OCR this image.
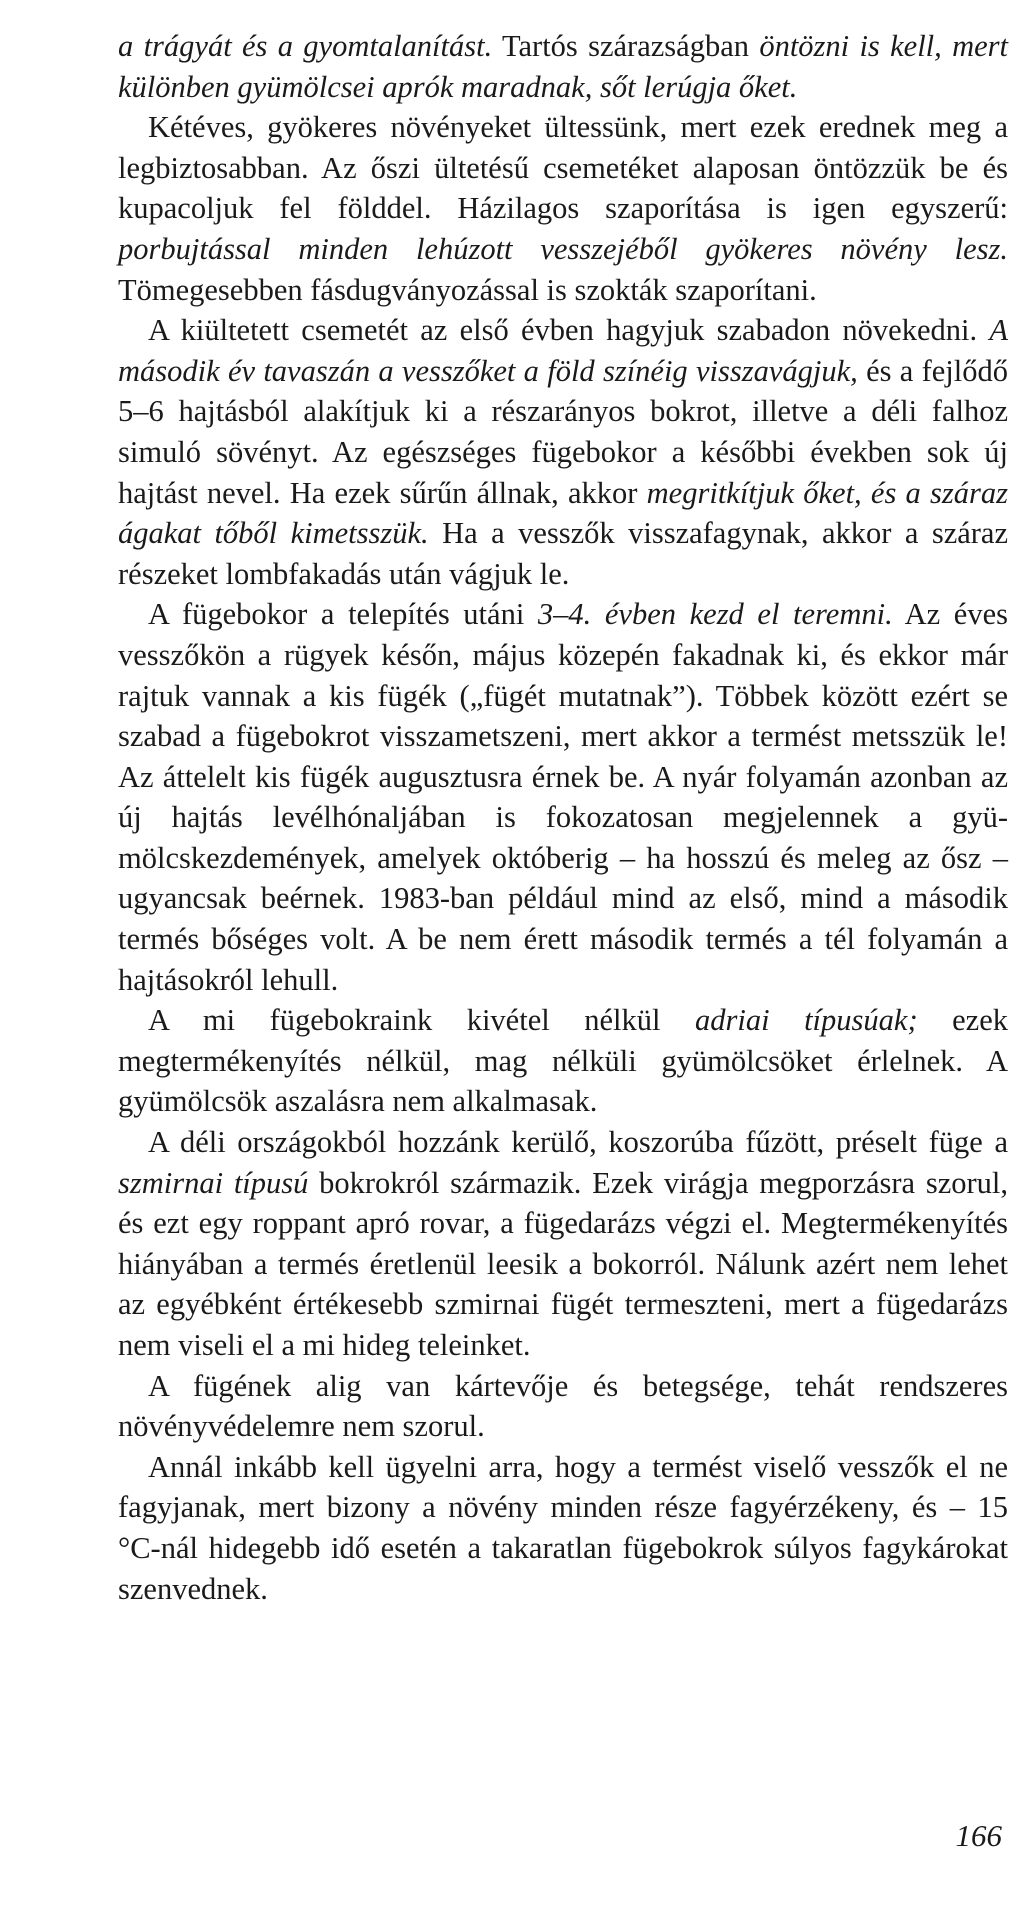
a trágyát és a gyomtalanítást. Tartós szárazságban öntözni is kell, mert különben gyümölcsei aprók maradnak, sőt lerúgja őket.

Kétéves, gyökeres növényeket ültessünk, mert ezek erednek meg a legbiztosabban. Az őszi ültetésű csemetéket alaposan öntözzük be és kupacoljuk fel földdel. Házilagos szaporítása is igen egyszerű: porbujtással minden lehúzott vesszejéből gyökeres növény lesz. Tömegesebben fásdugványozással is szokták szaporítani.

A kiültetett csemetét az első évben hagyjuk szabadon növekedni. A második év tavaszán a vesszőket a föld színéig visszavágjuk, és a fejlődő 5–6 hajtásból alakítjuk ki a részarányos bokrot, illetve a déli falhoz simuló sövényt. Az egészséges fügebokor a későbbi években sok új hajtást nevel. Ha ezek sűrűn állnak, akkor megritkítjuk őket, és a száraz ágakat tőből kimetsszük. Ha a vesszők visszafagynak, akkor a száraz részeket lombfakadás után vágjuk le.

A fügebokor a telepítés utáni 3–4. évben kezd el teremni. Az éves vesszőkön a rügyek későn, május közepén fakadnak ki, és ekkor már rajtuk vannak a kis fügék („fügét mutatnak”). Többek között ezért se szabad a fügebokrot visszametszeni, mert akkor a termést metsszük le! Az áttelelt kis fügék augusztusra érnek be. A nyár folyamán azonban az új hajtás levélhónaljában is fokozatosan megjelennek a gyümölcskezdemények, amelyek októberig – ha hosszú és meleg az ősz – ugyancsak beérnek. 1983-ban például mind az első, mind a második termés bőséges volt. A be nem érett második termés a tél folyamán a hajtásokról lehull.

A mi fügebokraink kivétel nélkül adriai típusúak; ezek megtermékenyítés nélkül, mag nélküli gyümölcsöket érlelnek. A gyümölcsök aszalásra nem alkalmasak.

A déli országokból hozzánk kerülő, koszorúba fűzött, préselt füge a szmirnai típusú bokrokról származik. Ezek virágja megporzásra szorul, és ezt egy roppant apró rovar, a fügedarázs végzi el. Megtermékenyítés hiányában a termés éretlenül leesik a bokorról. Nálunk azért nem lehet az egyébként értékesebb szmirnai fügét termeszteni, mert a fügedarázs nem viseli el a mi hideg teleinket.

A fügének alig van kártevője és betegsége, tehát rendszeres növényvédelemre nem szorul.

Annál inkább kell ügyelni arra, hogy a termést viselő vesszők el ne fagyjanak, mert bizony a növény minden része fagyérzékeny, és – 15 °C-nál hidegebb idő esetén a takaratlan fügebokrok súlyos fagykárokat szenvednek.

166
